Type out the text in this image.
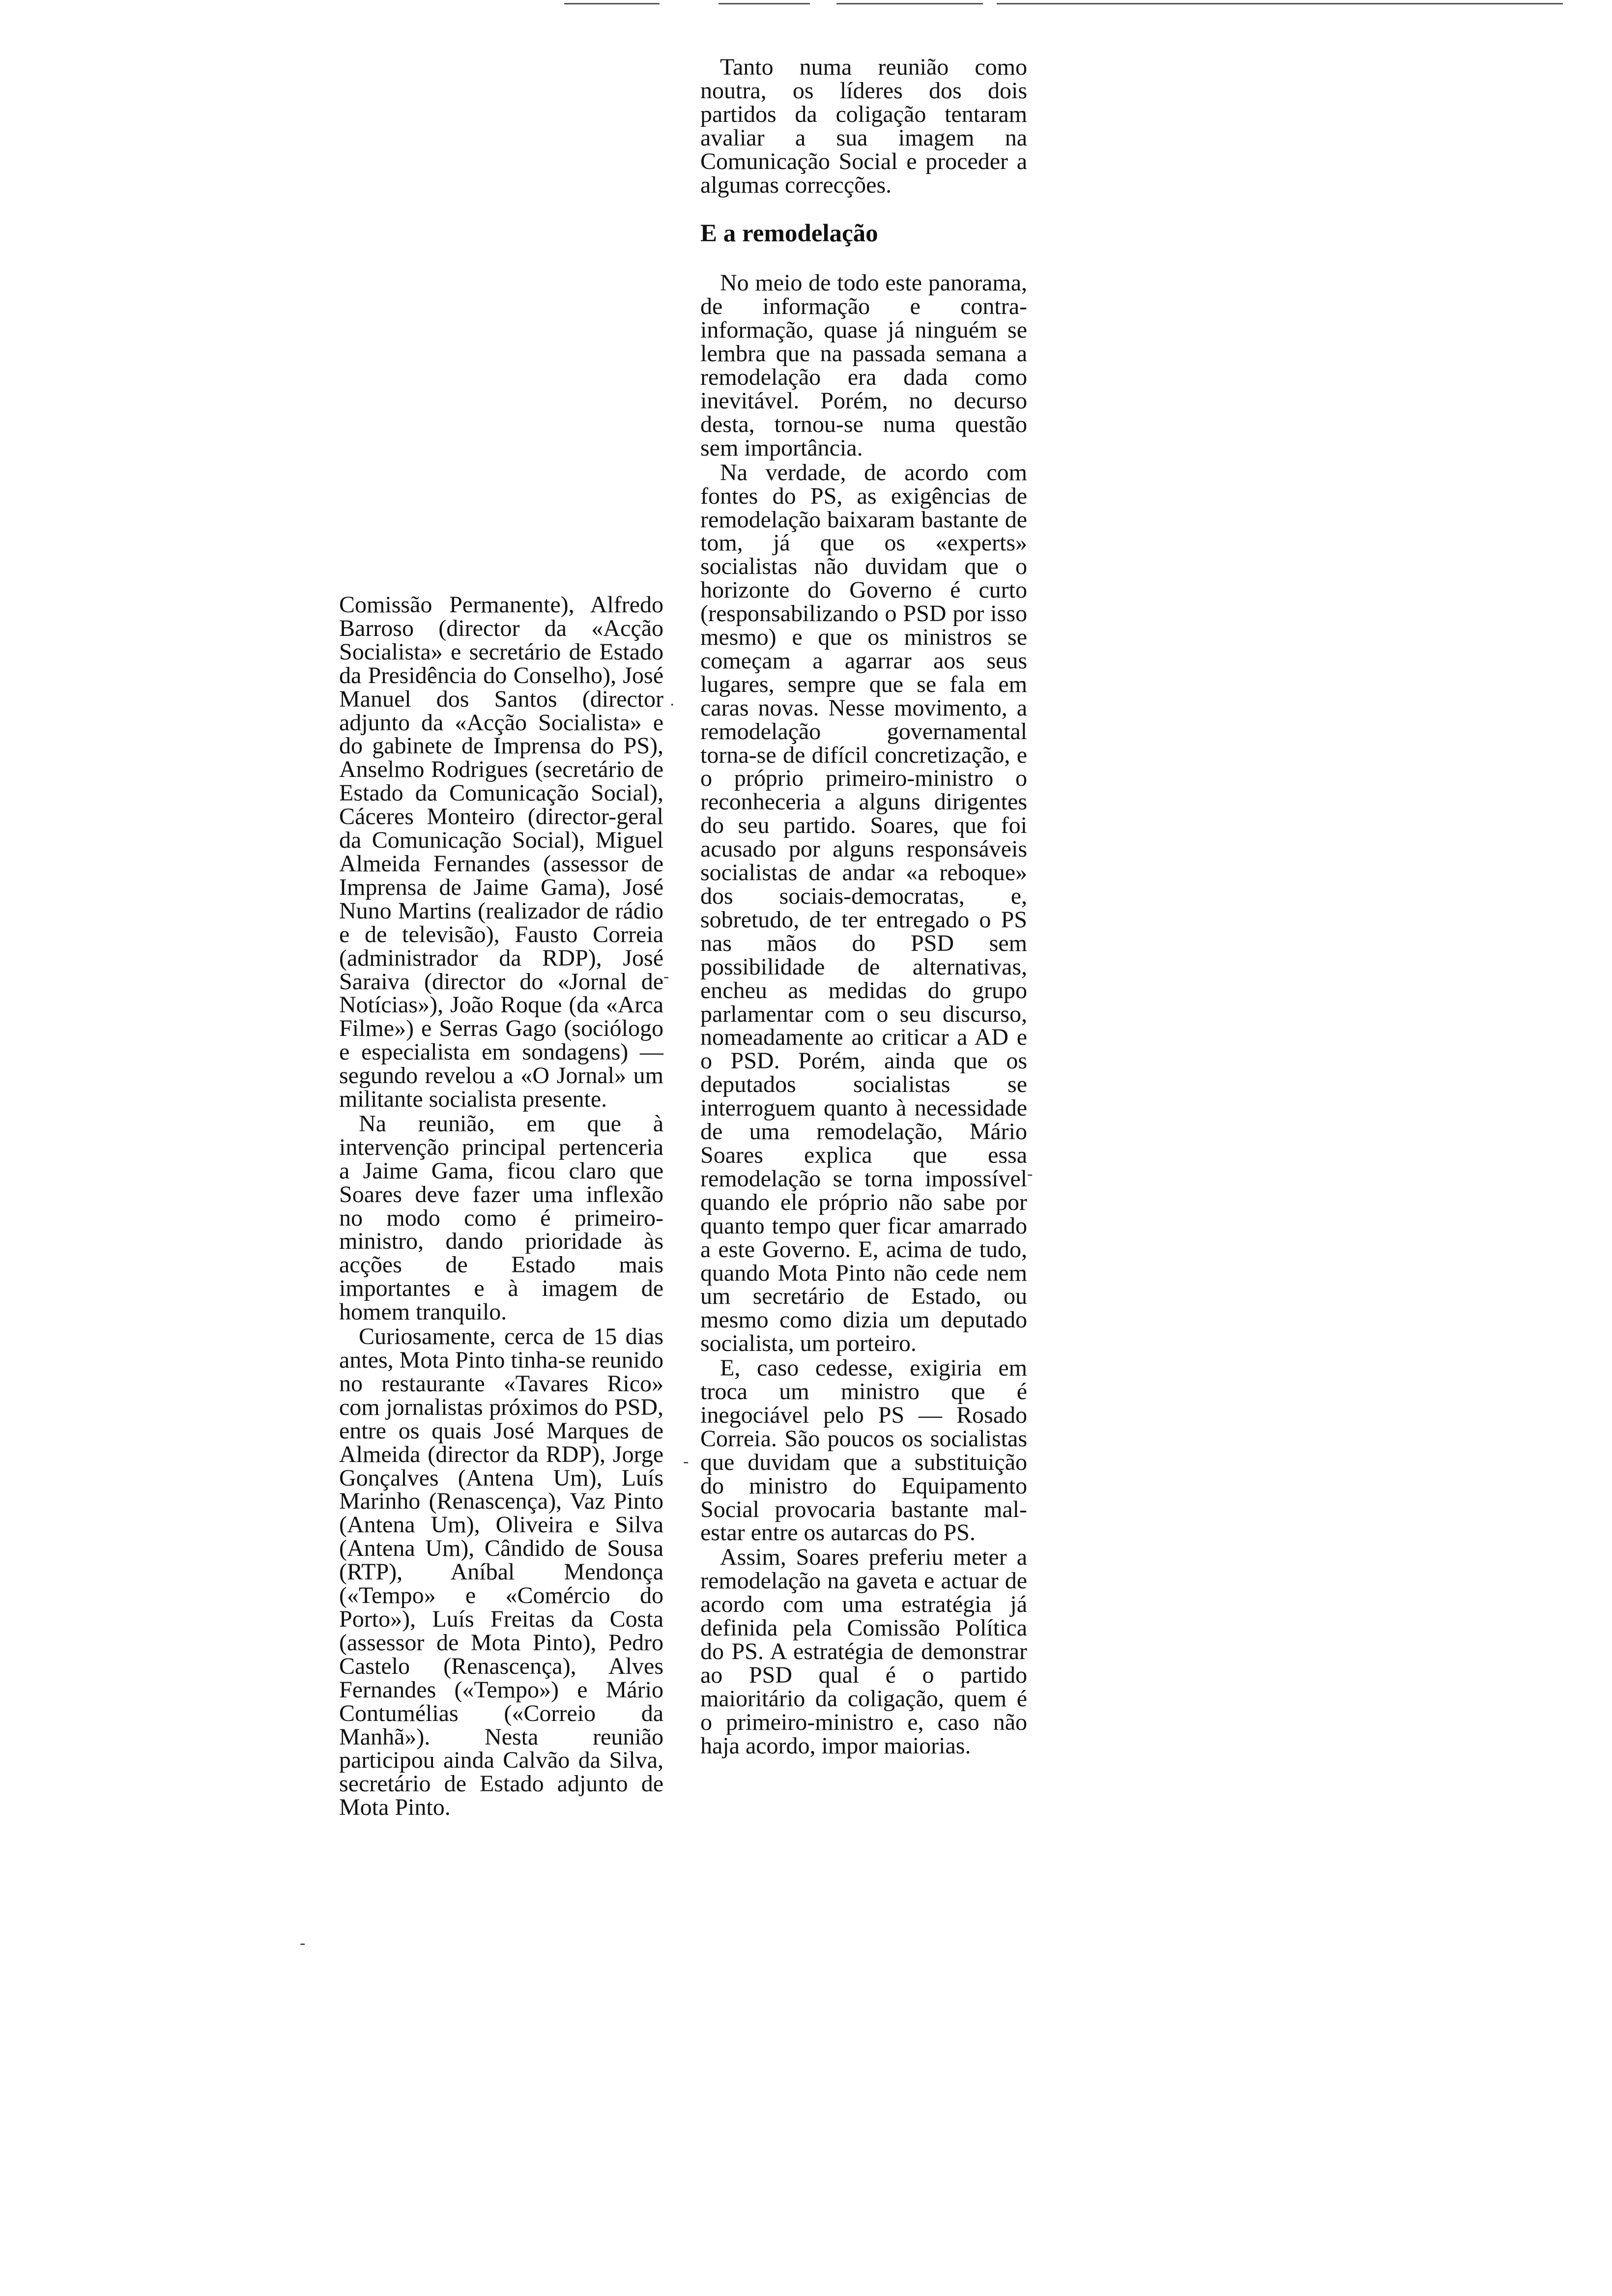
Tanto numa reunião como noutra, os líderes dos dois partidos da coligação tentaram avaliar a sua imagem na Comunicação Social e proceder a algumas correcções.

E a remodelação

No meio de todo este panorama, de informação e contra-informação, quase já ninguém se lembra que na passada semana a remodelação era dada como inevitável. Porém, no decurso desta, tornou-se numa questão sem importância.

Na verdade, de acordo com fontes do PS, as exigências de remodelação baixaram bastante de tom, já que os «experts» socialistas não duvidam que o horizonte do Governo é curto (responsabilizando o PSD por isso mesmo) e que os ministros se começam a agarrar aos seus lugares, sempre que se fala em caras novas. Nesse movimento, a remodelação governamental torna-se de difícil concretização, e o próprio primeiro-ministro o reconheceria a alguns dirigentes do seu partido. Soares, que foi acusado por alguns responsáveis socialistas de andar «a reboque» dos sociais-democratas, e, sobretudo, de ter entregado o PS nas mãos do PSD sem possibilidade de alternativas, encheu as medidas do grupo parlamentar com o seu discurso, nomeadamente ao criticar a AD e o PSD. Porém, ainda que os deputados socialistas se interroguem quanto à necessidade de uma remodelação, Mário Soares explica que essa remodelação se torna impossível quando ele próprio não sabe por quanto tempo quer ficar amarrado a este Governo. E, acima de tudo, quando Mota Pinto não cede nem um secretário de Estado, ou mesmo como dizia um deputado socialista, um porteiro.

E, caso cedesse, exigiria em troca um ministro que é inegociável pelo PS — Rosado Correia. São poucos os socialistas que duvidam que a substituição do ministro do Equipamento Social provocaria bastante mal-estar entre os autarcas do PS.

Assim, Soares preferiu meter a remodelação na gaveta e actuar de acordo com uma estratégia já definida pela Comissão Política do PS. A estratégia de demonstrar ao PSD qual é o partido maioritário da coligação, quem é o primeiro-ministro e, caso não haja acordo, impor maiorias.

Comissão Permanente), Alfredo Barroso (director da «Acção Socialista» e secretário de Estado da Presidência do Conselho), José Manuel dos Santos (director adjunto da «Acção Socialista» e do gabinete de Imprensa do PS), Anselmo Rodrigues (secretário de Estado da Comunicação Social), Cáceres Monteiro (director-geral da Comunicação Social), Miguel Almeida Fernandes (assessor de Imprensa de Jaime Gama), José Nuno Martins (realizador de rádio e de televisão), Fausto Correia (administrador da RDP), José Saraiva (director do «Jornal de Notícias»), João Roque (da «Arca Filme») e Serras Gago (sociólogo e especialista em sondagens) — segundo revelou a «O Jornal» um militante socialista presente.

Na reunião, em que à intervenção principal pertenceria a Jaime Gama, ficou claro que Soares deve fazer uma inflexão no modo como é primeiro-ministro, dando prioridade às acções de Estado mais importantes e à imagem de homem tranquilo.

Curiosamente, cerca de 15 dias antes, Mota Pinto tinha-se reunido no restaurante «Tavares Rico» com jornalistas próximos do PSD, entre os quais José Marques de Almeida (director da RDP), Jorge Gonçalves (Antena Um), Luís Marinho (Renascença), Vaz Pinto (Antena Um), Oliveira e Silva (Antena Um), Cândido de Sousa (RTP), Aníbal Mendonça («Tempo» e «Comércio do Porto»), Luís Freitas da Costa (assessor de Mota Pinto), Pedro Castelo (Renascença), Alves Fernandes («Tempo») e Mário Contumélias («Correio da Manhã»). Nesta reunião participou ainda Calvão da Silva, secretário de Estado adjunto de Mota Pinto.

·
-
-
-
-
